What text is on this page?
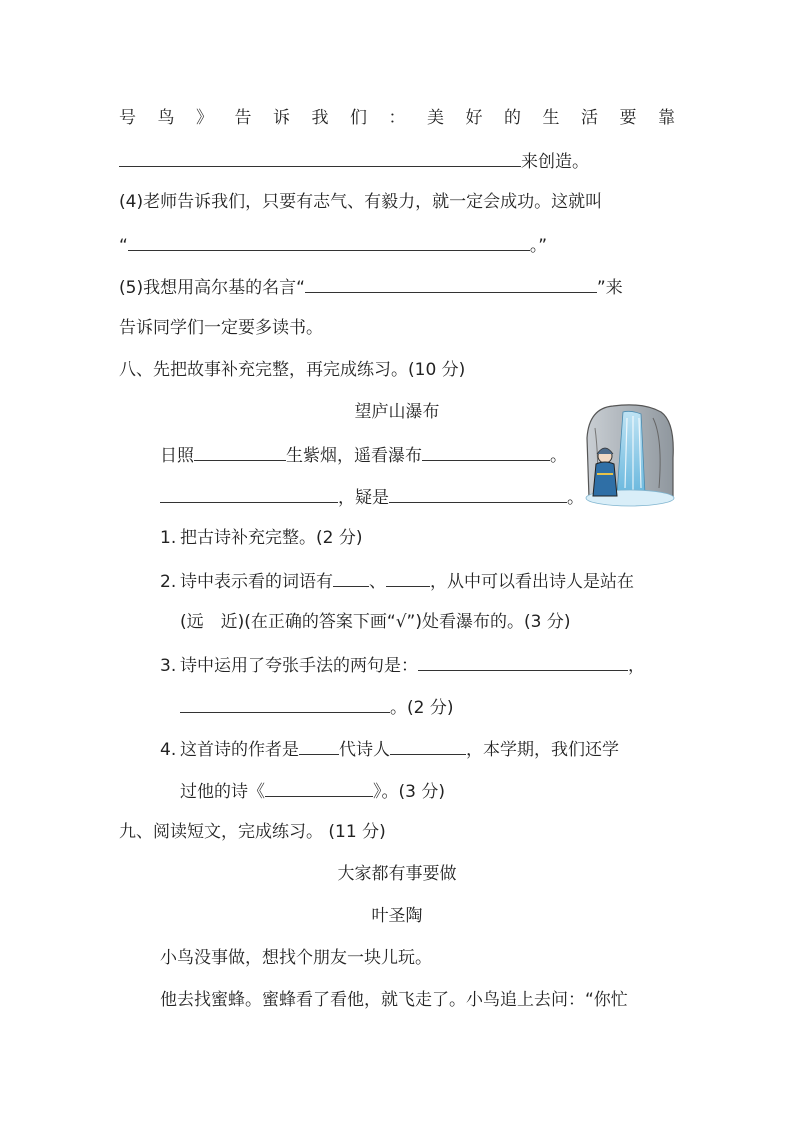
号 鸟 》 告 诉 我 们 ： 美 好 的 生 活 要 靠
来创造。
(4)老师告诉我们，只要有志气、有毅力，就一定会成功。这就叫
“	。”
(5)我想用高尔基的名言“	”来
告诉同学们一定要多读书。
八、先把故事补充完整，再完成练习。(10 分)
望庐山瀑布
日照	生紫烟，遥看瀑布	。
，疑是	。
1. 把古诗补充完整。(2 分)
2. 诗中表示看的词语有 、	，从中可以看出诗人是站在
(远　近)(在正确的答案下画“√”)处看瀑布的。(3 分)
3. 诗中运用了夸张手法的两句是：	，
。(2 分)
4. 这首诗的作者是 代诗人	，本学期，我们还学
过他的诗《	》。(3 分)
九、阅读短文，完成练习。 (11 分)
大家都有事要做
叶圣陶
小鸟没事做，想找个朋友一块儿玩。
他去找蜜蜂。蜜蜂看了看他，就飞走了。小鸟追上去问：“你忙
